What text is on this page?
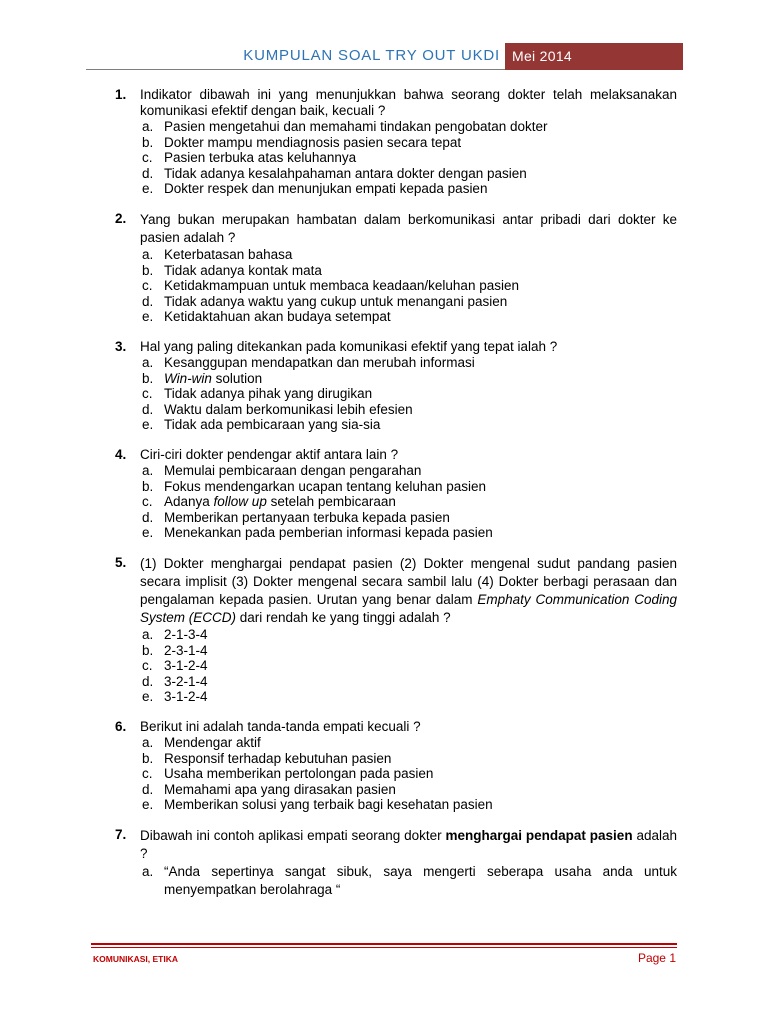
KUMPULAN SOAL TRY OUT UKDI Mei 2014
1.	Indikator dibawah ini yang menunjukkan bahwa seorang dokter telah melaksanakan komunikasi efektif dengan baik, kecuali ?
a. Pasien mengetahui dan memahami tindakan pengobatan dokter
b. Dokter mampu mendiagnosis pasien secara tepat
c. Pasien terbuka atas keluhannya
d. Tidak adanya kesalahpahaman antara dokter dengan pasien
e. Dokter respek dan menunjukan empati kepada pasien
2.	Yang bukan merupakan hambatan dalam berkomunikasi antar pribadi dari dokter ke pasien adalah ?
a. Keterbatasan bahasa
b. Tidak adanya kontak mata
c. Ketidakmampuan untuk membaca keadaan/keluhan pasien
d. Tidak adanya waktu yang cukup untuk menangani pasien
e. Ketidaktahuan akan budaya setempat
3.	Hal yang paling ditekankan pada komunikasi efektif yang tepat ialah ?
a. Kesanggupan mendapatkan dan merubah informasi
b. Win-win solution
c. Tidak adanya pihak yang dirugikan
d. Waktu dalam berkomunikasi lebih efesien
e. Tidak ada pembicaraan yang sia-sia
4.	Ciri-ciri dokter pendengar aktif antara lain ?
a. Memulai pembicaraan dengan pengarahan
b. Fokus mendengarkan ucapan tentang keluhan pasien
c. Adanya follow up setelah pembicaraan
d. Memberikan pertanyaan terbuka kepada pasien
e. Menekankan pada pemberian informasi kepada pasien
5.	(1) Dokter menghargai pendapat pasien (2) Dokter mengenal sudut pandang pasien secara implisit (3) Dokter mengenal secara sambil lalu (4) Dokter berbagi perasaan dan pengalaman kepada pasien. Urutan yang benar dalam Emphaty Communication Coding System (ECCD) dari rendah ke yang tinggi adalah ?
a. 2-1-3-4
b. 2-3-1-4
c. 3-1-2-4
d. 3-2-1-4
e. 3-1-2-4
6.	Berikut ini adalah tanda-tanda empati kecuali ?
a. Mendengar aktif
b. Responsif terhadap kebutuhan pasien
c. Usaha memberikan pertolongan pada pasien
d. Memahami apa yang dirasakan pasien
e. Memberikan solusi yang terbaik bagi kesehatan pasien
7.	Dibawah ini contoh aplikasi empati seorang dokter menghargai pendapat pasien adalah ?
a. “Anda sepertinya sangat sibuk, saya mengerti seberapa usaha anda untuk menyempatkan berolahraga “
KOMUNIKASI, ETIKA	Page 1
